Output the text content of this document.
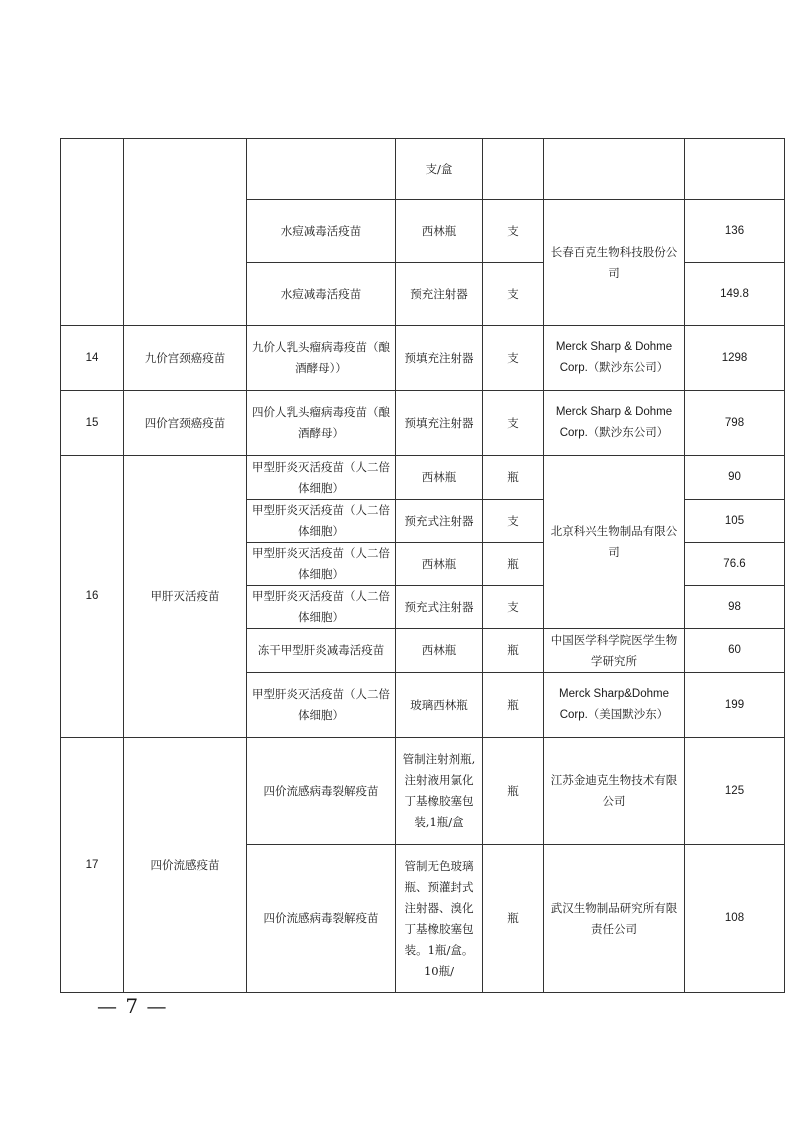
			支/盒			
		水痘减毒活疫苗	西林瓶	支	长春百克生物科技股份公司	136
		水痘减毒活疫苗	预充注射器	支		149.8
14	九价宫颈癌疫苗	九价人乳头瘤病毒疫苗（酿酒酵母））	预填充注射器	支	Merck Sharp & Dohme Corp.（默沙东公司）	1298
15	四价宫颈癌疫苗	四价人乳头瘤病毒疫苗（酿酒酵母）	预填充注射器	支	Merck Sharp & Dohme Corp.（默沙东公司）	798
16	甲肝灭活疫苗	甲型肝炎灭活疫苗（人二倍体细胞）	西林瓶	瓶	北京科兴生物制品有限公司	90
		甲型肝炎灭活疫苗（人二倍体细胞）	预充式注射器	支		105
		甲型肝炎灭活疫苗（人二倍体细胞）	西林瓶	瓶		76.6
		甲型肝炎灭活疫苗（人二倍体细胞）	预充式注射器	支		98
		冻干甲型肝炎减毒活疫苗	西林瓶	瓶	中国医学科学院医学生物学研究所	60
		甲型肝炎灭活疫苗（人二倍体细胞）	玻璃西林瓶	瓶	Merck Sharp&Dohme Corp.（美国默沙东）	199
17	四价流感疫苗	四价流感病毒裂解疫苗	管制注射剂瓶,注射液用氯化丁基橡胶塞包装,1瓶/盒	瓶	江苏金迪克生物技术有限公司	125
		四价流感病毒裂解疫苗	管制无色玻璃瓶、预灌封式注射器、溴化丁基橡胶塞包装。1瓶/盒。10瓶/	瓶	武汉生物制品研究所有限责任公司	108
— 7 —
